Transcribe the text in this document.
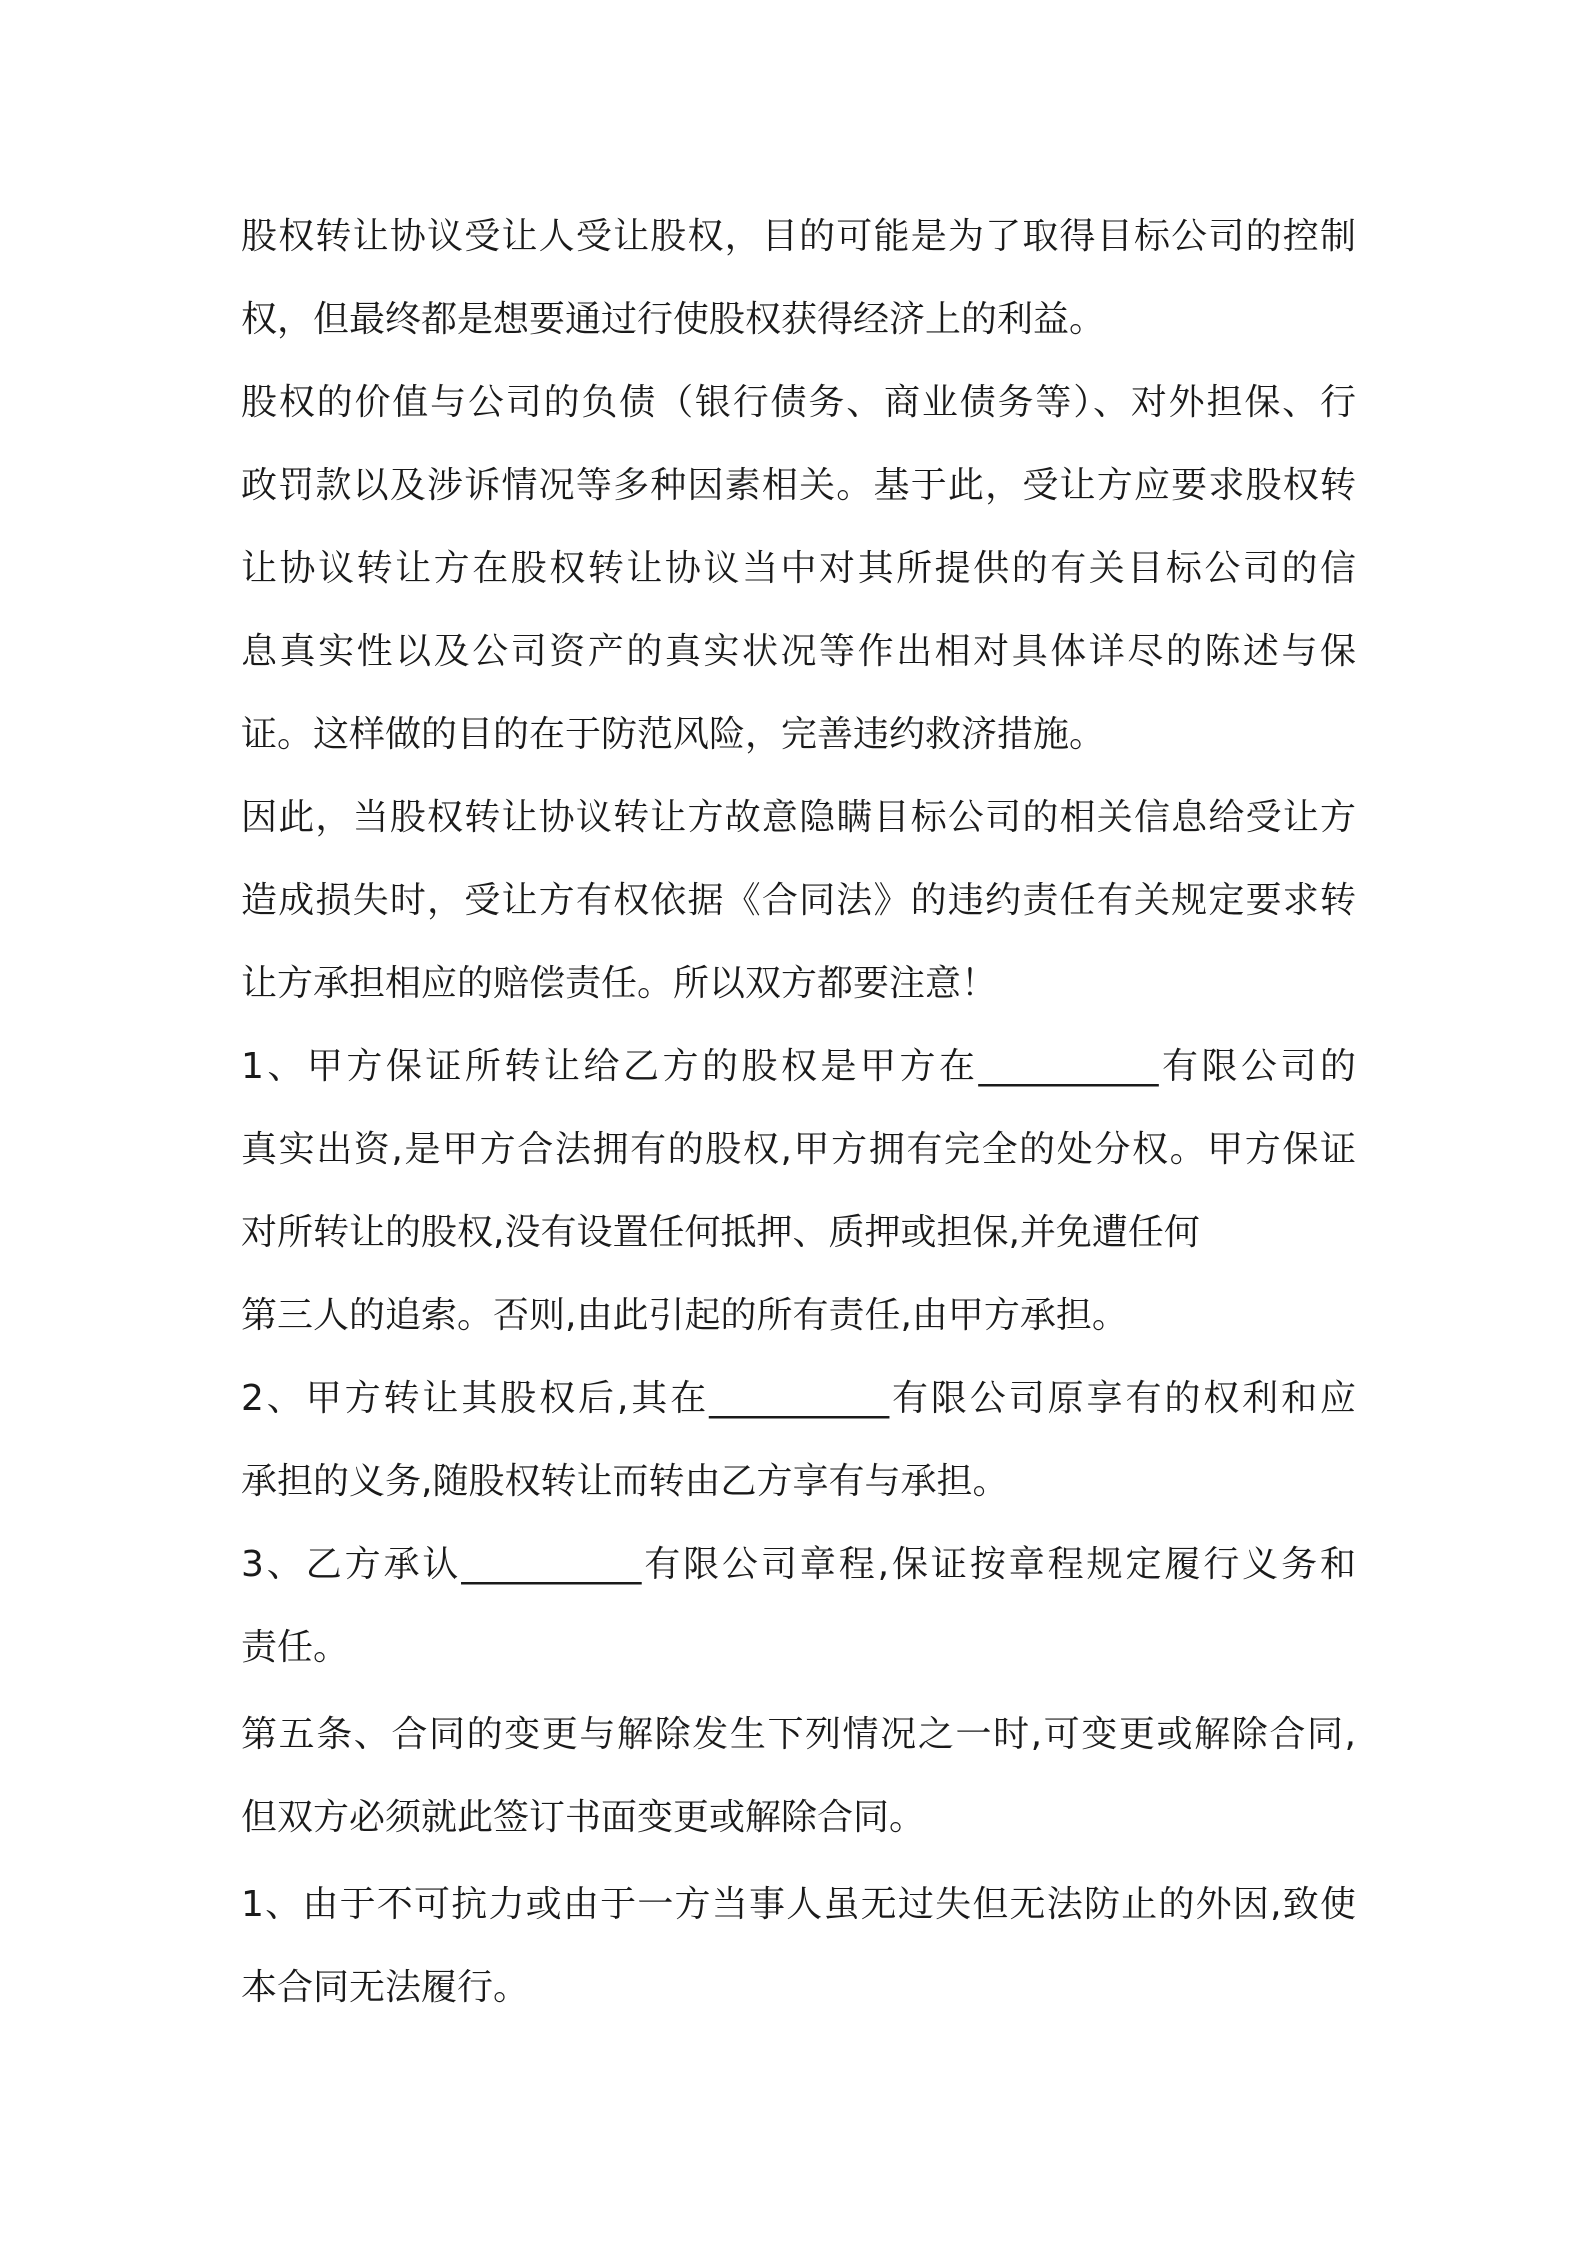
股权转让协议受让人受让股权，目的可能是为了取得目标公司的控制
权，但最终都是想要通过行使股权获得经济上的利益。
股权的价值与公司的负债（银行债务、商业债务等）、对外担保、行
政罚款以及涉诉情况等多种因素相关。基于此，受让方应要求股权转
让协议转让方在股权转让协议当中对其所提供的有关目标公司的信
息真实性以及公司资产的真实状况等作出相对具体详尽的陈述与保
证。这样做的目的在于防范风险，完善违约救济措施。
因此，当股权转让协议转让方故意隐瞒目标公司的相关信息给受让方
造成损失时，受让方有权依据《合同法》的违约责任有关规定要求转
让方承担相应的赔偿责任。所以双方都要注意！
1、甲方保证所转让给乙方的股权是甲方在__________有限公司的
真实出资,是甲方合法拥有的股权,甲方拥有完全的处分权。甲方保证
对所转让的股权,没有设置任何抵押、质押或担保,并免遭任何
第三人的追索。否则,由此引起的所有责任,由甲方承担。
2、甲方转让其股权后,其在__________有限公司原享有的权利和应
承担的义务,随股权转让而转由乙方享有与承担。
3、乙方承认__________有限公司章程,保证按章程规定履行义务和
责任。
第五条、合同的变更与解除发生下列情况之一时,可变更或解除合同,
但双方必须就此签订书面变更或解除合同。
1、由于不可抗力或由于一方当事人虽无过失但无法防止的外因,致使
本合同无法履行。
